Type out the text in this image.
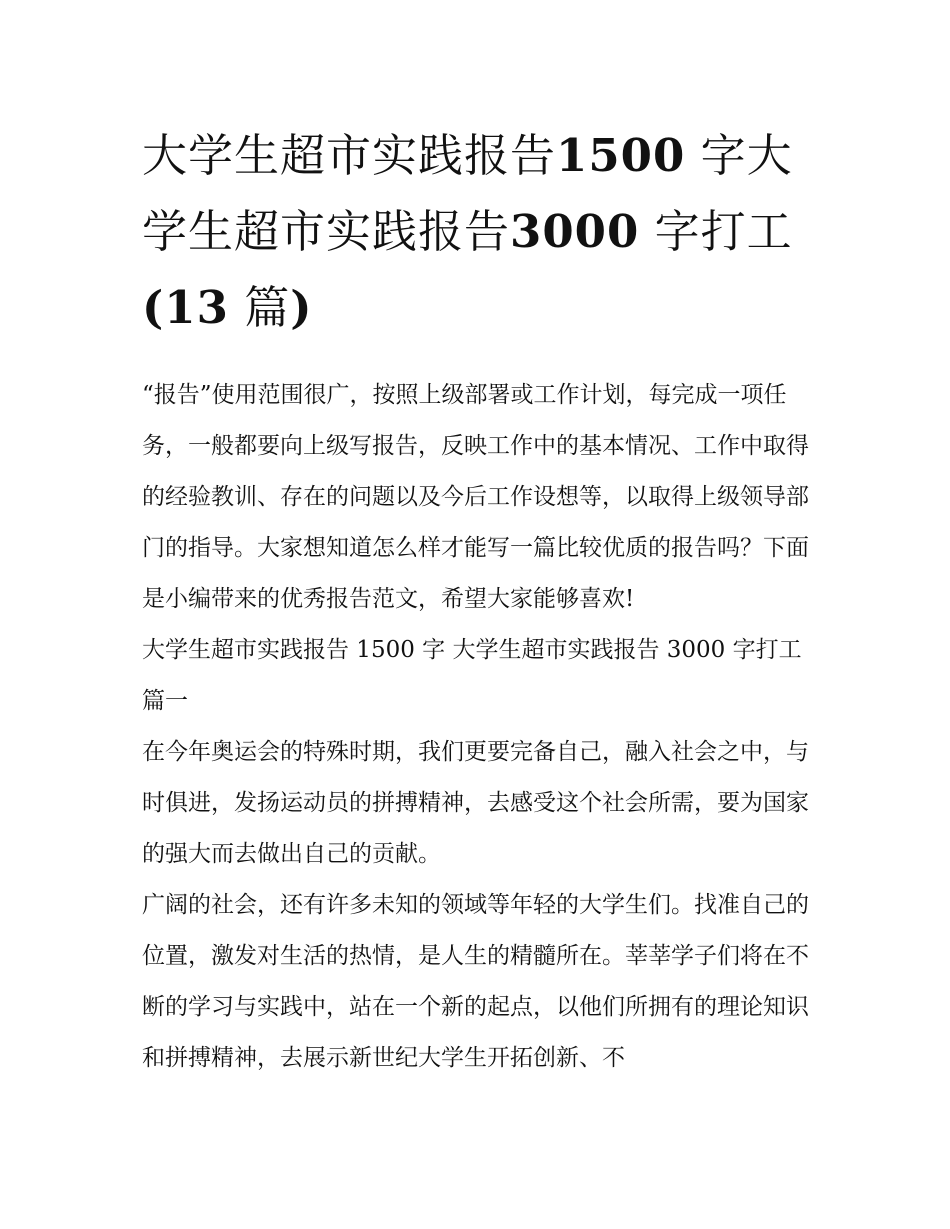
大学生超市实践报告1500 字大学生超市实践报告3000 字打工(13 篇)

“报告”使用范围很广，按照上级部署或工作计划，每完成一项任务，一般都要向上级写报告，反映工作中的基本情况、工作中取得的经验教训、存在的问题以及今后工作设想等，以取得上级领导部门的指导。大家想知道怎么样才能写一篇比较优质的报告吗？下面是小编带来的优秀报告范文，希望大家能够喜欢!

大学生超市实践报告 1500 字 大学生超市实践报告 3000 字打工篇一

在今年奥运会的特殊时期，我们更要完备自己，融入社会之中，与时俱进，发扬运动员的拼搏精神，去感受这个社会所需，要为国家的强大而去做出自己的贡献。

广阔的社会，还有许多未知的领域等年轻的大学生们。找准自己的位置，激发对生活的热情，是人生的精髓所在。莘莘学子们将在不断的学习与实践中，站在一个新的起点，以他们所拥有的理论知识和拼搏精神，去展示新世纪大学生开拓创新、不
